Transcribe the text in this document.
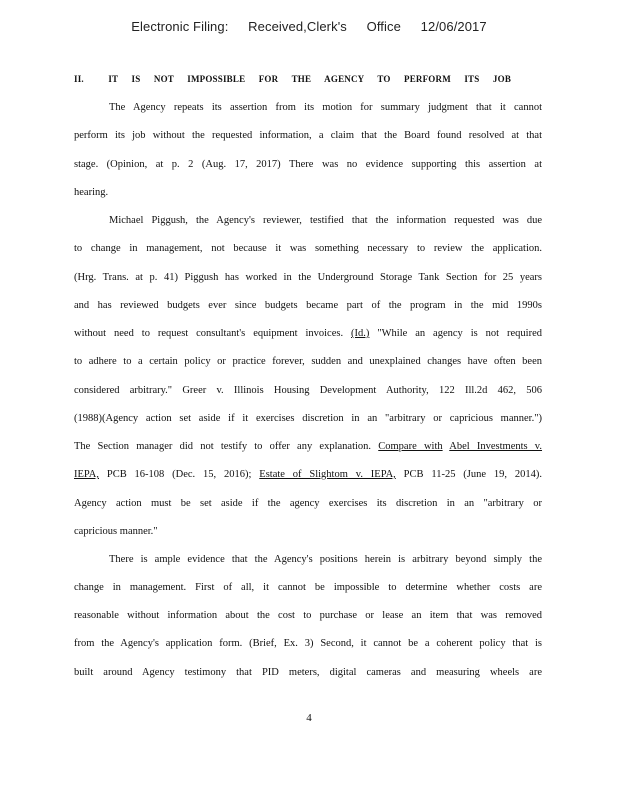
Electronic Filing: Received,Clerk's Office 12/06/2017
II.	IT IS NOT IMPOSSIBLE FOR THE AGENCY TO PERFORM ITS JOB
The Agency repeats its assertion from its motion for summary judgment that it cannot
perform its job without the requested information, a claim that the Board found resolved at that
stage. (Opinion, at p. 2 (Aug. 17, 2017) There was no evidence supporting this assertion at
hearing.
Michael Piggush, the Agency's reviewer, testified that the information requested was due
to change in management, not because it was something necessary to review the application.
(Hrg. Trans. at p. 41) Piggush has worked in the Underground Storage Tank Section for 25 years
and has reviewed budgets ever since budgets became part of the program in the mid 1990s
without need to request consultant's equipment invoices. (Id.) "While an agency is not required
to adhere to a certain policy or practice forever, sudden and unexplained changes have often been
considered arbitrary." Greer v. Illinois Housing Development Authority, 122 Ill.2d 462, 506
(1988)(Agency action set aside if it exercises discretion in an "arbitrary or capricious manner.")
The Section manager did not testify to offer any explanation. Compare with Abel Investments v.
IEPA, PCB 16-108 (Dec. 15, 2016); Estate of Slightom v. IEPA, PCB 11-25 (June 19, 2014).
Agency action must be set aside if the agency exercises its discretion in an "arbitrary or
capricious manner."
There is ample evidence that the Agency's positions herein is arbitrary beyond simply the
change in management. First of all, it cannot be impossible to determine whether costs are
reasonable without information about the cost to purchase or lease an item that was removed
from the Agency's application form. (Brief, Ex. 3) Second, it cannot be a coherent policy that is
built around Agency testimony that PID meters, digital cameras and measuring wheels are
4
